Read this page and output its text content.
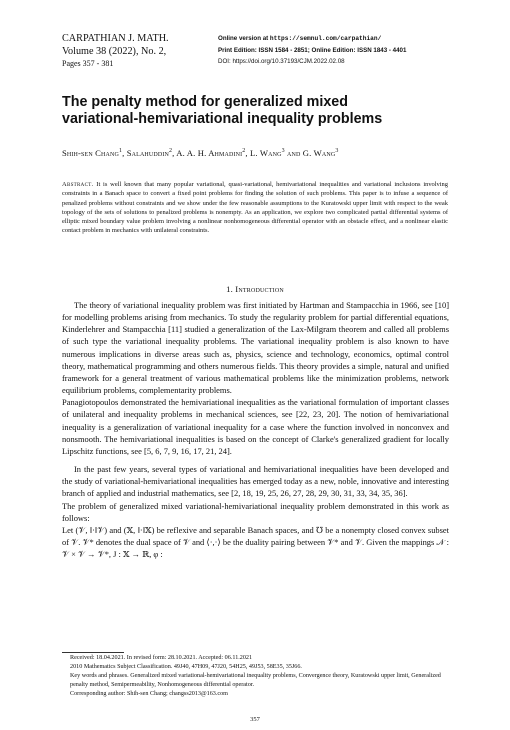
CARPATHIAN J. MATH.
Volume 38 (2022), No. 2,
Pages 357 - 381
Online version at https://semnul.com/carpathian/
Print Edition: ISSN 1584 - 2851; Online Edition: ISSN 1843 - 4401
DOI: https://doi.org/10.37193/CJM.2022.02.08
The penalty method for generalized mixed
variational-hemivariational inequality problems
Shih-sen Chang$^1$, Salahuddin$^2$, A. A. H. Ahmadini$^2$, L. Wang$^3$ and G. Wang$^3$
Abstract. It is well known that many popular variational, quasi-variational, hemivariational inequalities and variational inclusions involving constraints in a Banach space to convert a fixed point problems for finding the solution of such problems. This paper is to infuse a sequence of penalized problems without constraints and we show under the few reasonable assumptions to the Kuratowski upper limit with respect to the weak topology of the sets of solutions to penalized problems is nonempty. As an application, we explore two complicated partial differential systems of elliptic mixed boundary value problem involving a nonlinear nonhomogeneous differential operator with an obstacle effect, and a nonlinear elastic contact problem in mechanics with unilateral constraints.
1. Introduction

The theory of variational inequality problem was first initiated by Hartman and Stampacchia in 1966, see [10] for modelling problems arising from mechanics. To study the regularity problem for partial differential equations, Kinderlehrer and Stampacchia [11] studied a generalization of the Lax-Milgram theorem and called all problems of such type the variational inequality problems. The variational inequality problem is also known to have numerous implications in diverse areas such as, physics, science and technology, economics, optimal control theory, mathematical programming and others numerous fields. This theory provides a simple, natural and unified framework for a general treatment of various mathematical problems like the minimization problems, network equilibrium problems, complementarity problems.

Panagiotopoulos demonstrated the hemivariational inequalities as the variational formulation of important classes of unilateral and inequality problems in mechanical sciences, see [22, 23, 20]. The notion of hemivariational inequality is a generalization of variational inequality for a case where the function involved in nonconvex and nonsmooth. The hemivariational inequalities is based on the concept of Clarke's generalized gradient for locally Lipschitz functions, see [5, 6, 7, 9, 16, 17, 21, 24].

In the past few years, several types of variational and hemivariational inequalities have been developed and the study of variational-hemivariational inequalities has emerged today as a new, noble, innovative and interesting branch of applied and industrial mathematics, see [2, 18, 19, 25, 26, 27, 28, 29, 30, 31, 33, 34, 35, 36].

The problem of generalized mixed variational-hemivariational inequality problem demonstrated in this work as follows:

Let (𝒱, ‖·‖𝒱) and (𝕏, ‖·‖𝕏) be reflexive and separable Banach spaces, and ℧ be a nonempty closed convex subset of 𝒱. 𝒱* denotes the dual space of 𝒱 and ⟨·,·⟩ be the duality pairing between 𝒱* and 𝒱. Given the mappings 𝒩 : 𝒱 × 𝒱 → 𝒱*, J : 𝕏 → ℝ, φ :

Received: 18.04.2021. In revised form: 28.10.2021. Accepted: 06.11.2021

2010 Mathematics Subject Classification. 49J40, 47H09, 47J20, 54H25, 49J53, 58E35, 35J66.

Key words and phrases. Generalized mixed variational-hemivariational inequality problems, Convergence theory, Kuratowski upper limit, Generalized penalty method, Semipermeability, Nonhomogeneous differential operator.

Corresponding author: Shih-sen Chang; changss2013@163.com

357
